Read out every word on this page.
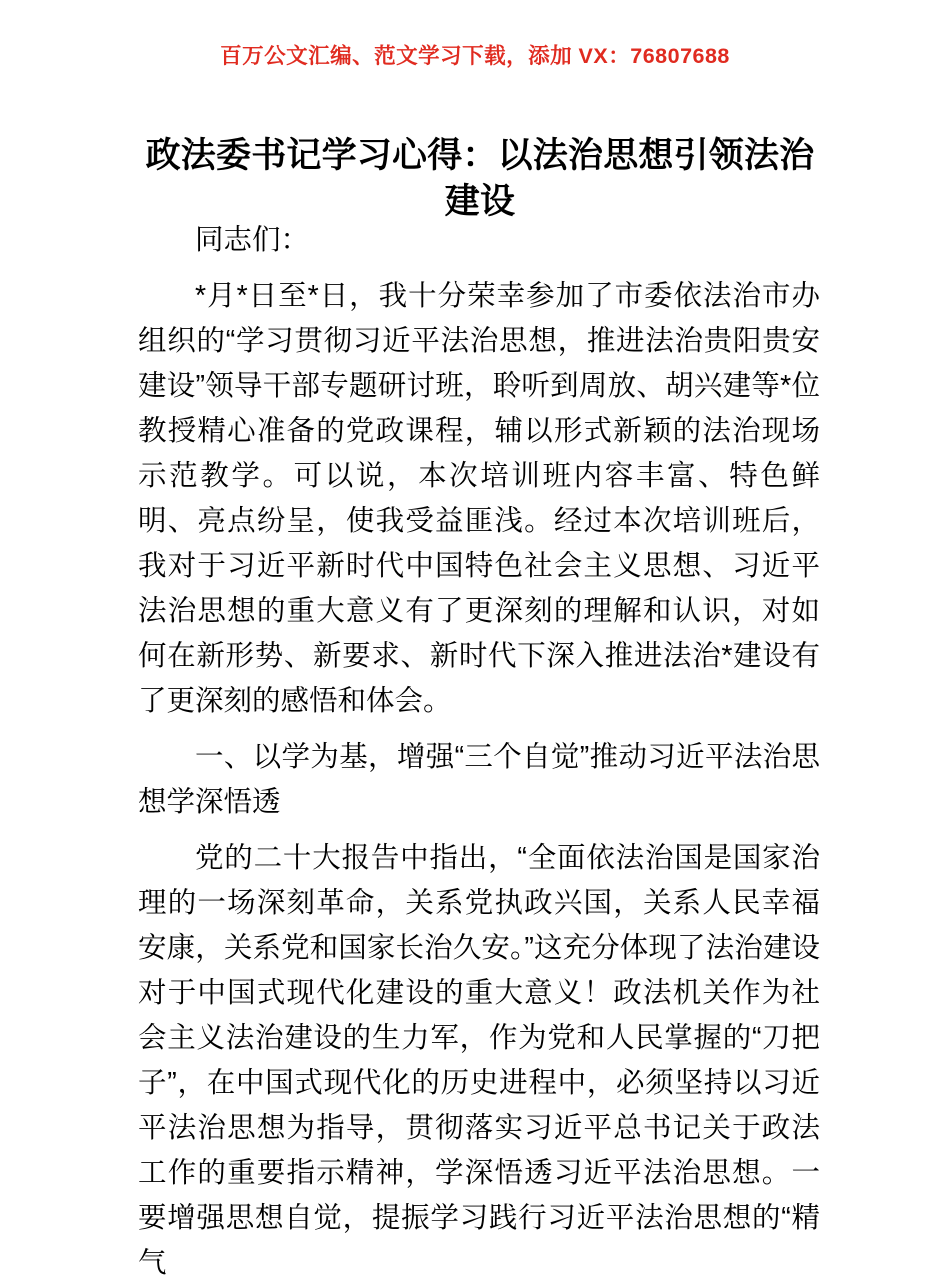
百万公文汇编、范文学习下载，添加 VX：76807688
政法委书记学习心得：以法治思想引领法治建设

同志们：

*月*日至*日，我十分荣幸参加了市委依法治市办组织的“学习贯彻习近平法治思想，推进法治贵阳贵安建设”领导干部专题研讨班，聆听到周放、胡兴建等*位教授精心准备的党政课程，辅以形式新颖的法治现场示范教学。可以说，本次培训班内容丰富、特色鲜明、亮点纷呈，使我受益匪浅。经过本次培训班后，我对于习近平新时代中国特色社会主义思想、习近平法治思想的重大意义有了更深刻的理解和认识，对如何在新形势、新要求、新时代下深入推进法治*建设有了更深刻的感悟和体会。

一、以学为基，增强“三个自觉”推动习近平法治思想学深悟透

党的二十大报告中指出，“全面依法治国是国家治理的一场深刻革命，关系党执政兴国，关系人民幸福安康，关系党和国家长治久安。”这充分体现了法治建设对于中国式现代化建设的重大意义！政法机关作为社会主义法治建设的生力军，作为党和人民掌握的“刀把子”，在中国式现代化的历史进程中，必须坚持以习近平法治思想为指导，贯彻落实习近平总书记关于政法工作的重要指示精神，学深悟透习近平法治思想。一要增强思想自觉，提振学习践行习近平法治思想的“精气
